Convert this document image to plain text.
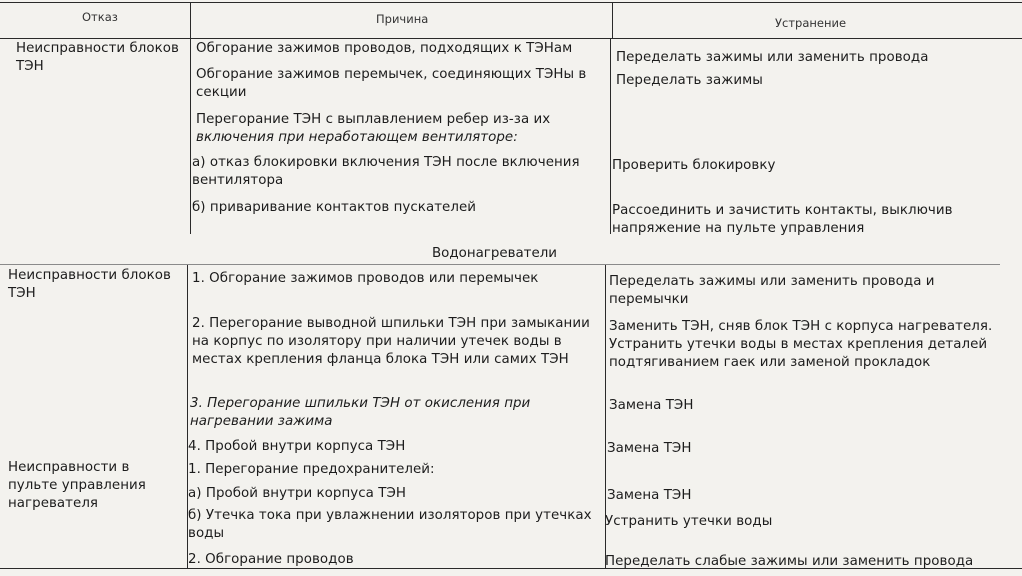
Отказ	Причина	Устранение
Неисправности блоков ТЭН
Неисправности блоков ТЭН
Неисправности в пульте управления нагревателя
Обгорание зажимов проводов, подходящих к ТЭНам
Обгорание зажимов перемычек, соединяющих ТЭНы в секции
Перегорание ТЭН с выплавлением ребер из-за их
включения при неработающем вентиляторе:
а) отказ блокировки включения ТЭН после включения вентилятора
б) приваривание контактов пускателей
1. Обгорание зажимов проводов или перемычек
2. Перегорание выводной шпильки ТЭН при замыкании на корпус по изолятору при наличии утечек воды в местах крепления фланца блока ТЭН или самих ТЭН
3. Перегорание шпильки ТЭН от окисления при нагревании зажима
4. Пробой внутри корпуса ТЭН
1. Перегорание предохранителей:
а) Пробой внутри корпуса ТЭН
б) Утечка тока при увлажнении изоляторов при утечках воды
2. Обгорание проводов
Водонагреватели
Переделать зажимы или заменить провода
Переделать зажимы
Проверить блокировку
Рассоединить и зачистить контакты, выключив напряжение на пульте управления
Переделать зажимы или заменить провода и перемычки
Заменить ТЭН, сняв блок ТЭН с корпуса нагревателя. Устранить утечки воды в местах крепления деталей подтягиванием гаек или заменой прокладок
Замена ТЭН
Замена ТЭН
Замена ТЭН
Устранить утечки воды
Переделать слабые зажимы или заменить провода
